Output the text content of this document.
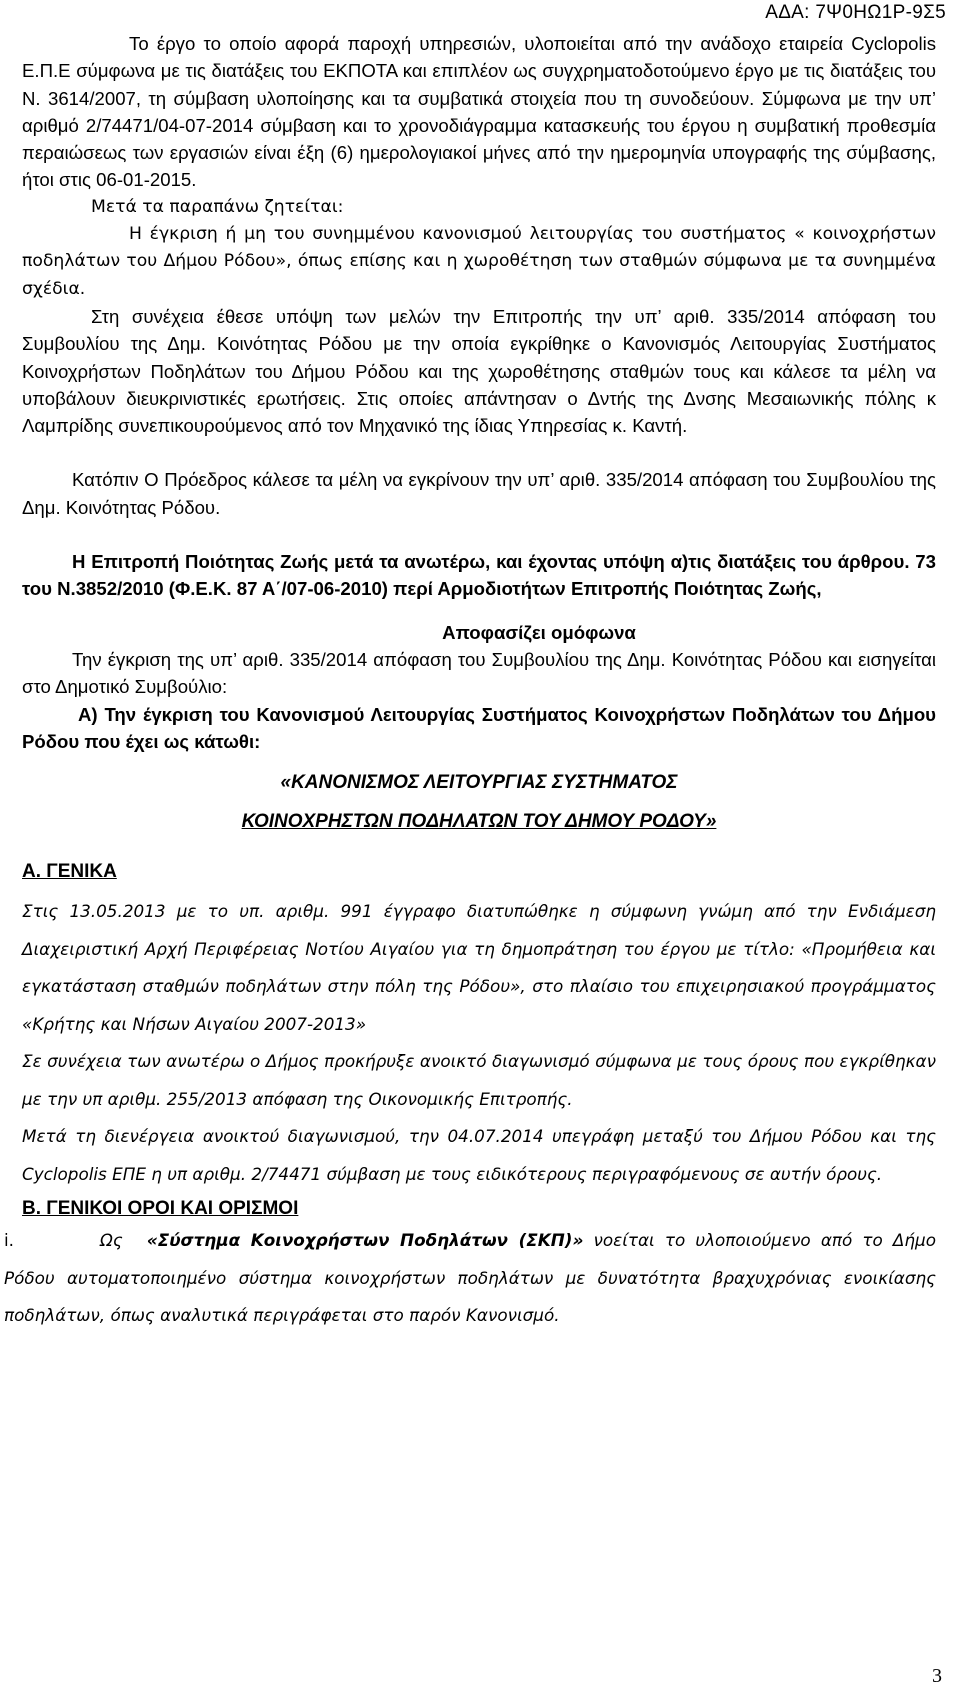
ΑΔΑ: 7Ψ0ΗΩ1Ρ-9Σ5

Το έργο το οποίο αφορά παροχή υπηρεσιών, υλοποιείται από την ανάδοχο εταιρεία Cyclopolis Ε.Π.Ε σύμφωνα με τις διατάξεις του ΕΚΠΟΤΑ και επιπλέον ως συγχρηματοδοτούμενο έργο με τις διατάξεις του Ν. 3614/2007, τη σύμβαση υλοποίησης και τα συμβατικά στοιχεία που τη συνοδεύουν. Σύμφωνα με την υπ’ αριθμό 2/74471/04-07-2014 σύμβαση και το χρονοδιάγραμμα κατασκευής του έργου η συμβατική προθεσμία περαιώσεως των εργασιών είναι έξη (6) ημερολογιακοί μήνες από την ημερομηνία υπογραφής της σύμβασης, ήτοι στις 06-01-2015.

Μετά τα παραπάνω ζητείται:

Η έγκριση ή μη του συνημμένου κανονισμού λειτουργίας του συστήματος « κοινοχρήστων ποδηλάτων του Δήμου Ρόδου», όπως επίσης και η χωροθέτηση των σταθμών σύμφωνα με τα συνημμένα σχέδια.

Στη συνέχεια έθεσε υπόψη των μελών την Επιτροπής την υπ’ αριθ. 335/2014 απόφαση του Συμβουλίου της Δημ. Κοινότητας Ρόδου με την οποία εγκρίθηκε ο Κανονισμός Λειτουργίας Συστήματος Κοινοχρήστων Ποδηλάτων του Δήμου Ρόδου και της χωροθέτησης σταθμών τους και κάλεσε τα μέλη να υποβάλουν διευκρινιστικές ερωτήσεις. Στις οποίες απάντησαν ο Δντής της Δνσης Μεσαιωνικής πόλης κ Λαμπρίδης συνεπικουρούμενος από τον Μηχανικό της ίδιας Υπηρεσίας κ. Καντή.

Κατόπιν Ο Πρόεδρος κάλεσε τα μέλη να εγκρίνουν την υπ’ αριθ. 335/2014 απόφαση του Συμβουλίου της Δημ. Κοινότητας Ρόδου.

Η Επιτροπή Ποιότητας Ζωής μετά τα ανωτέρω, και έχοντας υπόψη α)τις διατάξεις του άρθρου. 73 του Ν.3852/2010 (Φ.Ε.Κ. 87 Α΄/07-06-2010) περί Αρμοδιοτήτων Επιτροπής Ποιότητας Ζωής,

Αποφασίζει ομόφωνα

Την έγκριση της υπ’ αριθ. 335/2014 απόφαση του Συμβουλίου της Δημ. Κοινότητας Ρόδου και εισηγείται στο Δημοτικό Συμβούλιο:

Α) Την έγκριση του Κανονισμού Λειτουργίας Συστήματος Κοινοχρήστων Ποδηλάτων του Δήμου Ρόδου που έχει ως κάτωθι:

«ΚΑΝΟΝΙΣΜΟΣ ΛΕΙΤΟΥΡΓΙΑΣ ΣΥΣΤΗΜΑΤΟΣ
ΚΟΙΝΟΧΡΗΣΤΩΝ ΠΟΔΗΛΑΤΩΝ ΤΟΥ ΔΗΜΟΥ ΡΟΔΟΥ»
Α. ΓΕΝΙΚΑ

Στις 13.05.2013 με το υπ. αριθμ. 991 έγγραφο διατυπώθηκε η σύμφωνη γνώμη από την Ενδιάμεση Διαχειριστική Αρχή Περιφέρειας Νοτίου Αιγαίου για τη δημοπράτηση του έργου με τίτλο: «Προμήθεια και εγκατάσταση σταθμών ποδηλάτων στην πόλη της Ρόδου», στο πλαίσιο του επιχειρησιακού προγράμματος «Κρήτης και Νήσων Αιγαίου 2007-2013»

Σε συνέχεια των ανωτέρω ο Δήμος προκήρυξε ανοικτό διαγωνισμό σύμφωνα με τους όρους που εγκρίθηκαν με την υπ αριθμ. 255/2013 απόφαση της Οικονομικής Επιτροπής.

Μετά τη διενέργεια ανοικτού διαγωνισμού, την 04.07.2014 υπεγράφη μεταξύ του Δήμου Ρόδου και της Cyclopolis ΕΠΕ η υπ αριθμ. 2/74471 σύμβαση με τους ειδικότερους περιγραφόμενους σε αυτήν όρους.

Β. ΓΕΝΙΚΟΙ ΟΡΟΙ ΚΑΙ ΟΡΙΣΜΟΙ

i.	Ως «Σύστημα Κοινοχρήστων Ποδηλάτων (ΣΚΠ)» νοείται το υλοποιούμενο από το Δήμο Ρόδου αυτοματοποιημένο σύστημα κοινοχρήστων ποδηλάτων με δυνατότητα βραχυχρόνιας ενοικίασης ποδηλάτων, όπως αναλυτικά περιγράφεται στο παρόν Κανονισμό.

3
